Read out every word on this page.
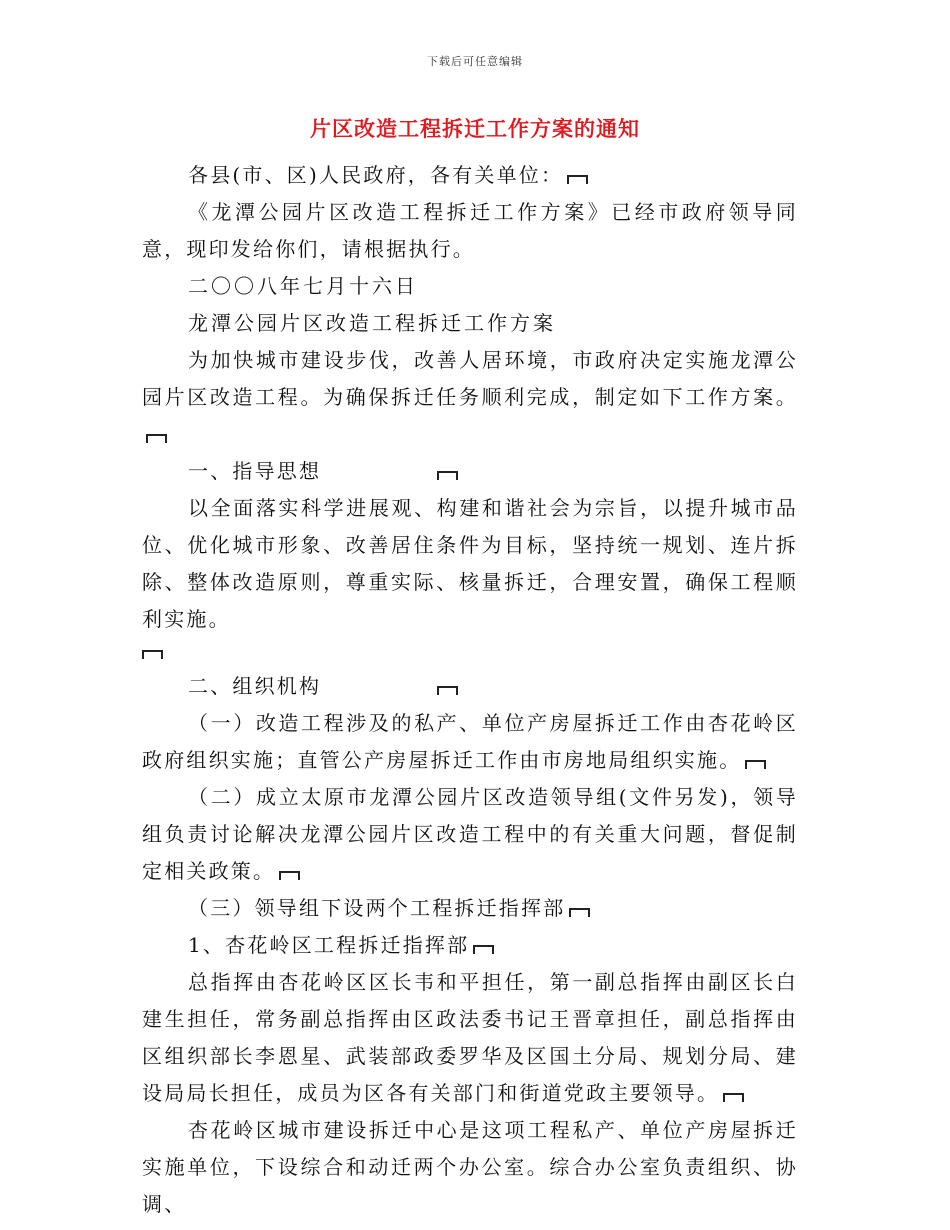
下载后可任意编辑
片区改造工程拆迁工作方案的通知

各县(市、区)人民政府，各有关单位：

《龙潭公园片区改造工程拆迁工作方案》已经市政府领导同意，现印发给你们，请根据执行。

二〇〇八年七月十六日

龙潭公园片区改造工程拆迁工作方案

为加快城市建设步伐，改善人居环境，市政府决定实施龙潭公园片区改造工程。为确保拆迁任务顺利完成，制定如下工作方案。

一、指导思想

以全面落实科学进展观、构建和谐社会为宗旨，以提升城市品位、优化城市形象、改善居住条件为目标，坚持统一规划、连片拆除、整体改造原则，尊重实际、核量拆迁，合理安置，确保工程顺利实施。

二、组织机构

（一）改造工程涉及的私产、单位产房屋拆迁工作由杏花岭区政府组织实施；直管公产房屋拆迁工作由市房地局组织实施。

（二）成立太原市龙潭公园片区改造领导组(文件另发)，领导组负责讨论解决龙潭公园片区改造工程中的有关重大问题，督促制定相关政策。

（三）领导组下设两个工程拆迁指挥部

1、杏花岭区工程拆迁指挥部

总指挥由杏花岭区区长韦和平担任，第一副总指挥由副区长白建生担任，常务副总指挥由区政法委书记王晋章担任，副总指挥由区组织部长李恩星、武装部政委罗华及区国土分局、规划分局、建设局局长担任，成员为区各有关部门和街道党政主要领导。

杏花岭区城市建设拆迁中心是这项工程私产、单位产房屋拆迁实施单位，下设综合和动迁两个办公室。综合办公室负责组织、协调、
